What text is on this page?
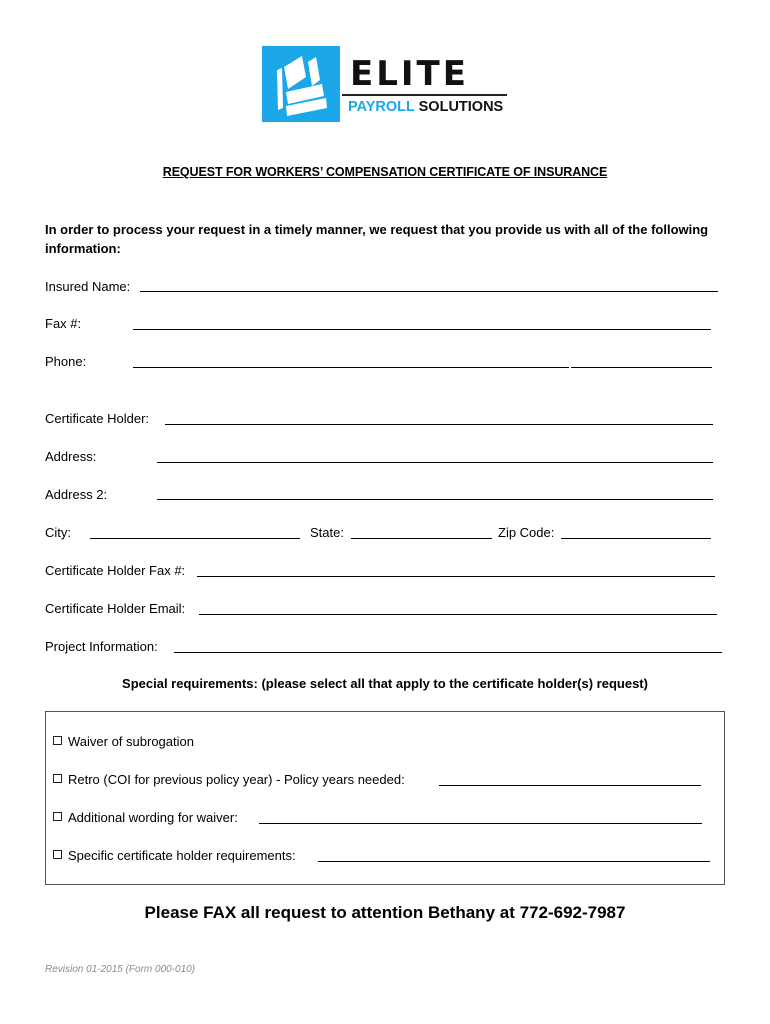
ELITE
PAYROLL SOLUTIONS
REQUEST FOR WORKERS’ COMPENSATION CERTIFICATE OF INSURANCE
In order to process your request in a timely manner, we request that you provide us with all of the following information:
Insured Name:
Fax #:
Phone:
Certificate Holder:
Address:
Address 2:
City:	State:	Zip Code:
Certificate Holder Fax #:
Certificate Holder Email:
Project Information:
Special requirements: (please select all that apply to the certificate holder(s) request)
Waiver of subrogation
Retro (COI for previous policy year) - Policy years needed:
Additional wording for waiver:
Specific certificate holder requirements:
Please FAX all request to attention Bethany at 772-692-7987
Revision 01-2015 (Form 000-010)
